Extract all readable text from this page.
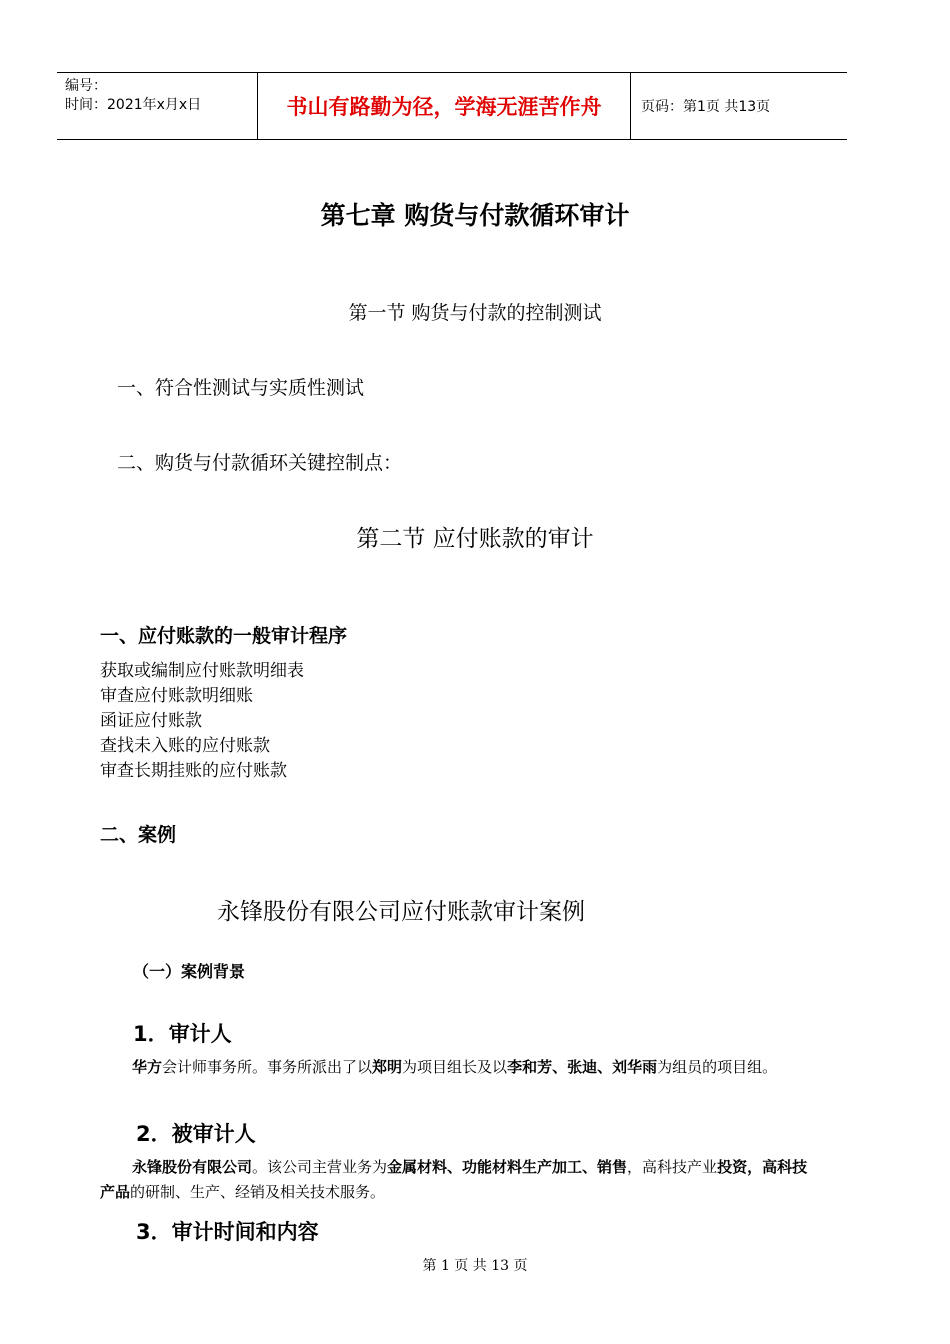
编号：
时间：2021年x月x日	书山有路勤为径，学海无涯苦作舟	页码：第1页 共13页
第七章 购货与付款循环审计
第一节 购货与付款的控制测试
一、符合性测试与实质性测试
二、购货与付款循环关键控制点：
第二节 应付账款的审计
一、应付账款的一般审计程序
获取或编制应付账款明细表
审查应付账款明细账
函证应付账款
查找未入账的应付账款
审查长期挂账的应付账款
二、案例
永锋股份有限公司应付账款审计案例
（一）案例背景
1．审计人
华方会计师事务所。事务所派出了以郑明为项目组长及以李和芳、张迪、刘华雨为组员的项目组。
2．被审计人
永锋股份有限公司。该公司主营业务为金属材料、功能材料生产加工、销售，高科技产业投资，高科技产品的研制、生产、经销及相关技术服务。
3．审计时间和内容
第 1 页 共 13 页
